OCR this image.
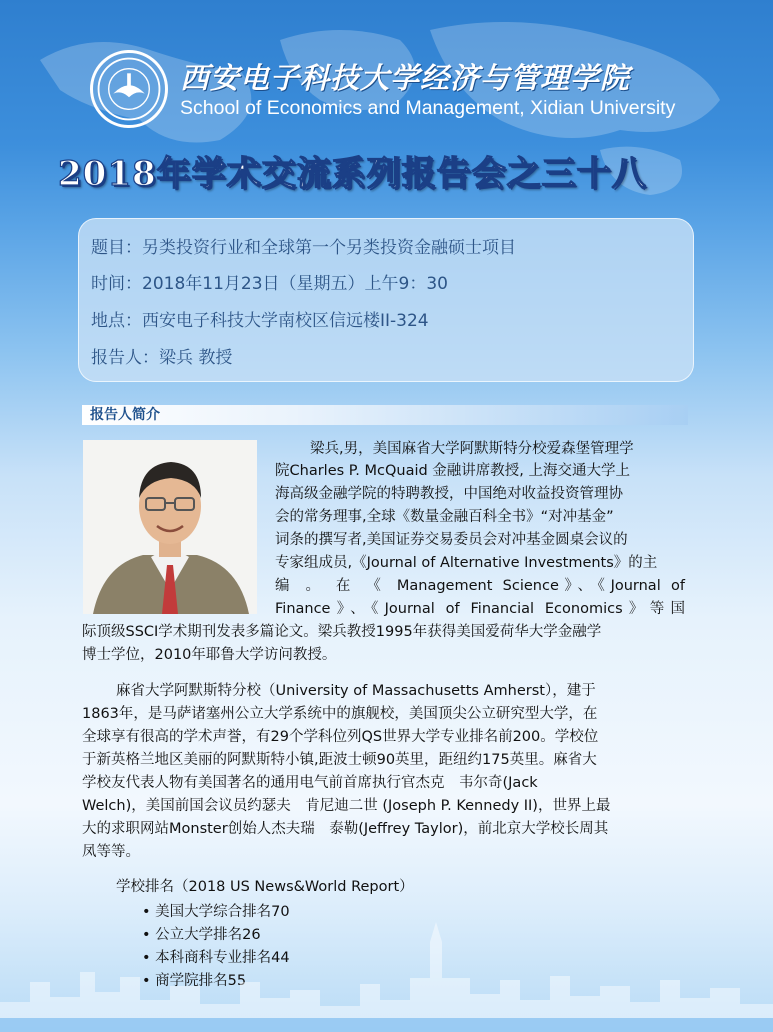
西安电子科技大学经济与管理学院
School of Economics and Management, Xidian University
2018年学术交流系列报告会之三十八
题目：另类投资行业和全球第一个另类投资金融硕士项目
时间：2018年11月23日（星期五）上午9：30
地点：西安电子科技大学南校区信远楼II-324
报告人：梁兵 教授
报告人简介
梁兵,男，美国麻省大学阿默斯特分校爱森堡管理学
院Charles P. McQuaid 金融讲席教授, 上海交通大学上
海高级金融学院的特聘教授，中国绝对收益投资管理协
会的常务理事,全球《数量金融百科全书》“对冲基金”
词条的撰写者,美国证券交易委员会对冲基金圆桌会议的
专家组成员,《Journal of Alternative Investments》的主
编 。 在 《 Management Science》、《Journal of
Finance》、《Journal of Financial Economics》等国
际顶级SSCI学术期刊发表多篇论文。梁兵教授1995年获得美国爱荷华大学金融学
博士学位，2010年耶鲁大学访问教授。
麻省大学阿默斯特分校（University of Massachusetts Amherst），建于
1863年，是马萨诸塞州公立大学系统中的旗舰校，美国顶尖公立研究型大学，在
全球享有很高的学术声誉，有29个学科位列QS世界大学专业排名前200。学校位
于新英格兰地区美丽的阿默斯特小镇,距波士顿90英里，距纽约175英里。麻省大
学校友代表人物有美国著名的通用电气前首席执行官杰克　韦尔奇(Jack
Welch)，美国前国会议员约瑟夫　肯尼迪二世 (Joseph P. Kennedy II)，世界上最
大的求职网站Monster创始人杰夫瑞　泰勒(Jeffrey Taylor)，前北京大学校长周其
凤等等。
学校排名（2018 US News&World Report）
• 美国大学综合排名70
• 公立大学排名26
• 本科商科专业排名44
• 商学院排名55
